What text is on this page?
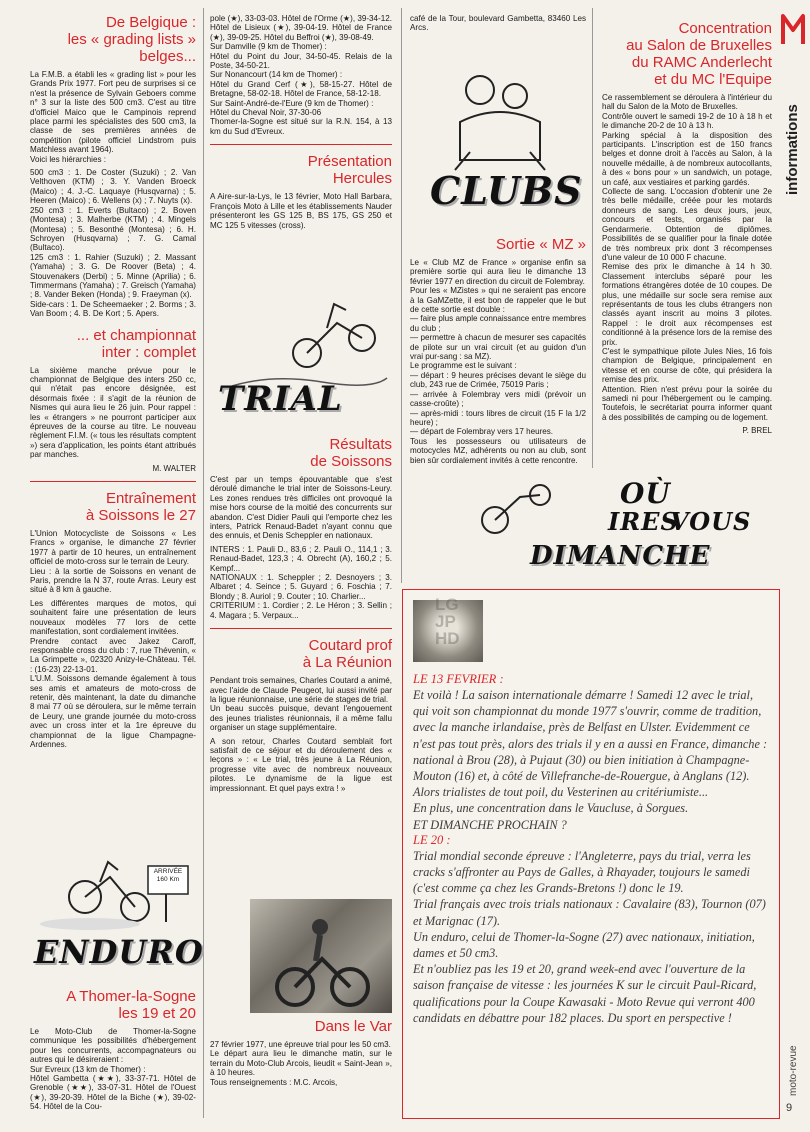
informations
moto-revue
9
De Belgique :
les « grading lists »
belges...

La F.M.B. a établi les « grading list » pour les Grands Prix 1977. Fort peu de surprises si ce n'est la présence de Sylvain Geboers comme n° 3 sur la liste des 500 cm3. C'est au titre d'officiel Maico que le Campinois reprend place parmi les spécialistes des 500 cm3, la classe de ses premières années de compétition (pilote officiel Lindstrom puis Matchless avant 1964).
Voici les hiérarchies :

500 cm3 : 1. De Coster (Suzuki) ; 2. Van Velthoven (KTM) ; 3. Y. Vanden Broeck (Maico) ; 4. J.-C. Laquaye (Husqvarna) ; 5. Heeren (Maico) ; 6. Wellens (x) ; 7. Nuyts (x).
250 cm3 : 1. Everts (Bultaco) ; 2. Boven (Montesa) ; 3. Malherbe (KTM) ; 4. Mingels (Montesa) ; 5. Besonthé (Montesa) ; 6. H. Schroyen (Husqvarna) ; 7. G. Camal (Bultaco).
125 cm3 : 1. Rahier (Suzuki) ; 2. Massant (Yamaha) ; 3. G. De Roover (Beta) ; 4. Stouvenakers (Derbi) ; 5. Minne (Aprilia) ; 6. Timmermans (Yamaha) ; 7. Greisch (Yamaha) ; 8. Vander Beken (Honda) ; 9. Fraeyman (x).
Side-cars : 1. De Scheemaeker ; 2. Borms ; 3. Van Boom ; 4. B. De Kort ; 5. Apers.

... et championnat
inter : complet

La sixième manche prévue pour le championnat de Belgique des inters 250 cc, qui n'était pas encore désignée, est désormais fixée : il s'agit de la réunion de Nismes qui aura lieu le 26 juin. Pour rappel : les « étrangers » ne pourront participer aux épreuves de la course au titre. Le nouveau règlement F.I.M. (« tous les résultats comptent ») sera d'application, les points étant attribués par manches.

M. WALTER
Entraînement
à Soissons le 27

L'Union Motocycliste de Soissons « Les Francs » organise, le dimanche 27 février 1977 à partir de 10 heures, un entraînement officiel de moto-cross sur le terrain de Leury.
Lieu : à la sortie de Soissons en venant de Paris, prendre la N 37, route Arras. Leury est situé à 8 km à gauche.

Les différentes marques de motos, qui souhaitent faire une présentation de leurs nouveaux modèles 77 lors de cette manifestation, sont cordialement invitées.
Prendre contact avec Jakez Caroff, responsable cross du club : 7, rue Thévenin, « La Grimpette », 02320 Anizy-le-Château. Tél. : (16-23) 22-13-01.
L'U.M. Soissons demande également à tous ses amis et amateurs de moto-cross de retenir, dès maintenant, la date du dimanche 8 mai 77 où se déroulera, sur le même terrain de Leury, une grande journée du moto-cross avec un cross inter et la 1re épreuve du championnat de la ligue Champagne-Ardennes.

ARRIVÉE
160 Km
ENDURO
A Thomer-la-Sogne
les 19 et 20

Le Moto-Club de Thomer-la-Sogne communique les possibilités d'hébergement pour les concurrents, accompagnateurs ou autres qui le désireraient :
Sur Evreux (13 km de Thomer) :
Hôtel Gambetta (★★), 33-37-71. Hôtel de Grenoble (★★), 33-07-31. Hôtel de l'Ouest (★), 39-20-39. Hôtel de la Biche (★), 39-02-54. Hôtel de la Cou-

pole (★), 33-03-03. Hôtel de l'Orme (★), 39-34-12. Hôtel de Lisieux (★), 39-04-19. Hôtel de France (★), 39-09-25. Hôtel du Beffroi (★), 39-08-49.
Sur Damville (9 km de Thomer) :
Hôtel du Point du Jour, 34-50-45. Relais de la Poste, 34-50-21.
Sur Nonancourt (14 km de Thomer) :
Hôtel du Grand Cerf (★), 58-15-27. Hôtel de Bretagne, 58-02-18. Hôtel de France, 58-12-18.
Sur Saint-André-de-l'Eure (9 km de Thomer) :
Hôtel du Cheval Noir, 37-30-06
Thomer-la-Sogne est situé sur la R.N. 154, à 13 km du Sud d'Evreux.

Présentation
Hercules

A Aire-sur-la-Lys, le 13 février, Moto Hall Barbara, François Moto à Lille et les établissements Nauder présenteront les GS 125 B, BS 175, GS 250 et MC 125 5 vitesses (cross).

TRIAL
Résultats
de Soissons

C'est par un temps épouvantable que s'est déroulé dimanche le trial inter de Soissons-Leury. Les zones rendues très difficiles ont provoqué la mise hors course de la moitié des concurrents sur abandon. C'est Didier Pauli qui l'emporte chez les inters, Patrick Renaud-Badet n'ayant connu que des ennuis, et Denis Scheppler en nationaux.

INTERS : 1. Pauli D., 83,6 ; 2. Pauli O., 114,1 ; 3. Renaud-Badet, 123,3 ; 4. Obrecht (A), 160,2 ; 5. Kempf...
NATIONAUX : 1. Scheppler ; 2. Desnoyers ; 3. Albaret ; 4. Seince ; 5. Guyard ; 6. Foschia ; 7. Blondy ; 8. Auriol ; 9. Couter ; 10. Charlier...
CRITERIUM : 1. Cordier ; 2. Le Héron ; 3. Sellin ; 4. Magara ; 5. Verpaux...

Coutard prof
à La Réunion

Pendant trois semaines, Charles Coutard a animé, avec l'aide de Claude Peugeot, lui aussi invité par la ligue réunionnaise, une série de stages de trial.
Un beau succès puisque, devant l'engouement des jeunes trialistes réunionnais, il a même fallu organiser un stage supplémentaire.

A son retour, Charles Coutard semblait fort satisfait de ce séjour et du déroulement des « leçons » : « Le trial, très jeune à La Réunion, progresse vite avec de nombreux nouveaux pilotes. Le dynamisme de la ligue est impressionnant. Et quel pays extra ! »

Dans le Var

27 février 1977, une épreuve trial pour les 50 cm3.
Le départ aura lieu le dimanche matin, sur le terrain du Moto-Club Arcois, lieudit « Saint-Jean », à 10 heures.
Tous renseignements : M.C. Arcois,

café de la Tour, boulevard Gambetta, 83460 Les Arcs.

CLUBS
Sortie « MZ »

Le « Club MZ de France » organise enfin sa première sortie qui aura lieu le dimanche 13 février 1977 en direction du circuit de Folembray.
Pour les « MZistes » qui ne seraient pas encore à la GaMZette, il est bon de rappeler que le but de cette sortie est double :
— faire plus ample connaissance entre membres du club ;
— permettre à chacun de mesurer ses capacités de pilote sur un vrai circuit (et au guidon d'un vrai pur-sang : sa MZ).
Le programme est le suivant :
— départ : 9 heures précises devant le siège du club, 243 rue de Crimée, 75019 Paris ;
— arrivée à Folembray vers midi (prévoir un casse-croûte) ;
— après-midi : tours libres de circuit (15 F la 1/2 heure) ;
— départ de Folembray vers 17 heures.
Tous les possesseurs ou utilisateurs de motocycles MZ, adhérents ou non au club, sont bien sûr cordialement invités à cette rencontre.

Concentration
au Salon de Bruxelles
du RAMC Anderlecht
et du MC l'Equipe

Ce rassemblement se déroulera à l'intérieur du hall du Salon de la Moto de Bruxelles.
Contrôle ouvert le samedi 19-2 de 10 à 18 h et le dimanche 20-2 de 10 à 13 h.
Parking spécial à la disposition des participants. L'inscription est de 150 francs belges et donne droit à l'accès au Salon, à la nouvelle médaille, à de nombreux autocollants, à des « bons pour » un sandwich, un potage, un café, aux vestiaires et parking gardés.
Collecte de sang. L'occasion d'obtenir une 2e très belle médaille, créée pour les motards donneurs de sang. Les deux jours, jeux, concours et tests, organisés par la Gendarmerie. Obtention de diplômes. Possibilités de se qualifier pour la finale dotée de très nombreux prix dont 3 récompenses d'une valeur de 10 000 F chacune.
Remise des prix le dimanche à 14 h 30. Classement interclubs séparé pour les formations étrangères dotée de 10 coupes. De plus, une médaille sur socle sera remise aux représentants de tous les clubs étrangers non classés ayant inscrit au moins 3 pilotes. Rappel : le droit aux récompenses est conditionné à la présence lors de la remise des prix.
C'est le sympathique pilote Jules Nies, 16 fois champion de Belgique, principalement en vitesse et en course de côte, qui présidera la remise des prix.
Attention. Rien n'est prévu pour la soirée du samedi ni pour l'hébergement ou le camping. Toutefois, le secrétariat pourra informer quant à des possibilités de camping ou de logement.

P. BREL
OÙ
IRES
VOUS
DIMANCHE
LG
JP
HD
LE 13 FEVRIER :

Et voilà ! La saison internationale démarre ! Samedi 12 avec le trial, qui voit son championnat du monde 1977 s'ouvrir, comme de tradition, avec la manche irlandaise, près de Belfast en Ulster. Evidemment ce n'est pas tout près, alors des trials il y en a aussi en France, dimanche : national à Brou (28), à Pujaut (30) ou bien initiation à Champagne-Mouton (16) et, à côté de Villefranche-de-Rouergue, à Anglans (12). Alors trialistes de tout poil, du Vesterinen au critériumiste...

En plus, une concentration dans le Vaucluse, à Sorgues.

ET DIMANCHE PROCHAIN ?

LE 20 :

Trial mondial seconde épreuve : l'Angleterre, pays du trial, verra les cracks s'affronter au Pays de Galles, à Rhayader, toujours le samedi (c'est comme ça chez les Grands-Bretons !) donc le 19.

Trial français avec trois trials nationaux : Cavalaire (83), Tournon (07) et Marignac (17).

Un enduro, celui de Thomer-la-Sogne (27) avec nationaux, initiation, dames et 50 cm3.

Et n'oubliez pas les 19 et 20, grand week-end avec l'ouverture de la saison française de vitesse : les journées K sur le circuit Paul-Ricard, qualifications pour la Coupe Kawasaki - Moto Revue qui verront 400 candidats en débattre pour 182 places. Du sport en perspective !
